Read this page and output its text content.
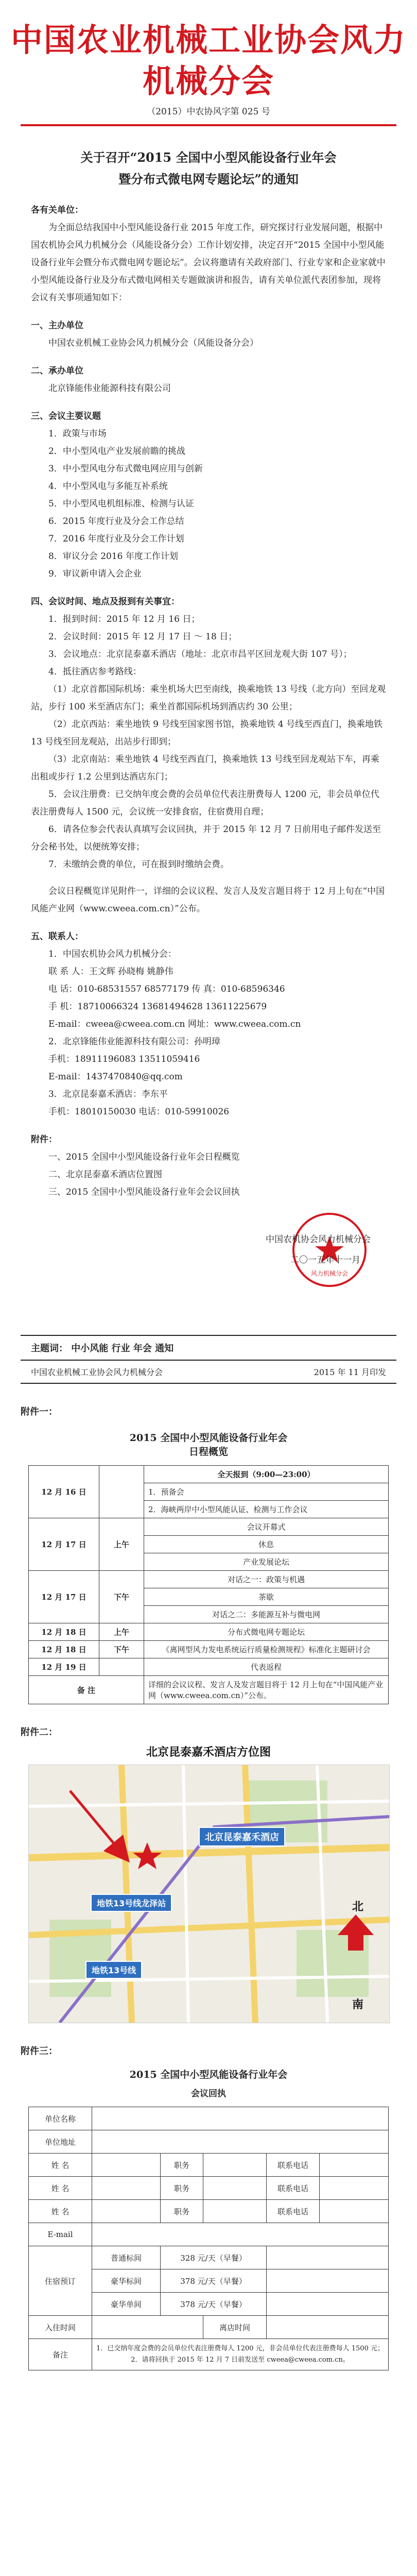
中国农业机械工业协会风力机械分会
（2015）中农协风字第 025 号
关于召开“2015 全国中小型风能设备行业年会
暨分布式微电网专题论坛”的通知

各有关单位：

为全面总结我国中小型风能设备行业 2015 年度工作，研究探讨行业发展问题，根据中国农机协会风力机械分会（风能设备分会）工作计划安排，决定召开“2015 全国中小型风能设备行业年会暨分布式微电网专题论坛”。会议将邀请有关政府部门、行业专家和企业家就中小型风能设备行业及分布式微电网相关专题做演讲和报告，请有关单位派代表团参加，现将会议有关事项通知如下：

一、主办单位

中国农业机械工业协会风力机械分会（风能设备分会）

二、承办单位

北京锋能伟业能源科技有限公司

三、会议主要议题

1．政策与市场

2．中小型风电产业发展前瞻的挑战

3．中小型风电分布式微电网应用与创新

4．中小型风电与多能互补系统

5．中小型风电机组标准、检测与认证

6．2015 年度行业及分会工作总结

7．2016 年度行业及分会工作计划

8．审议分会 2016 年度工作计划

9．审议新申请入会企业

四、会议时间、地点及报到有关事宜：

1．报到时间：2015 年 12 月 16 日；

2．会议时间：2015 年 12 月 17 日 ～ 18 日；

3．会议地点：北京昆泰嘉禾酒店（地址：北京市昌平区回龙观大街 107 号）；

4．抵往酒店参考路线：

（1）北京首都国际机场：乘坐机场大巴至南线，换乘地铁 13 号线（北方向）至回龙观站，步行 100 米至酒店东门；乘坐首都国际机场到酒店约 30 公里；

（2）北京西站：乘坐地铁 9 号线至国家图书馆，换乘地铁 4 号线至西直门，换乘地铁 13 号线至回龙观站，出站步行即到；

（3）北京南站：乘坐地铁 4 号线至西直门，换乘地铁 13 号线至回龙观站下车，再乘出租或步行 1.2 公里到达酒店东门；

5．会议注册费：已交纳年度会费的会员单位代表注册费每人 1200 元，非会员单位代表注册费每人 1500 元，会议统一安排食宿，住宿费用自理；

6．请各位参会代表认真填写会议回执，并于 2015 年 12 月 7 日前用电子邮件发送至分会秘书处，以便统筹安排；

7．未缴纳会费的单位，可在报到时缴纳会费。

会议日程概览详见附件一，详细的会议议程、发言人及发言题目将于 12 月上旬在“中国风能产业网（www.cweea.com.cn）”公布。

五、联系人：

1．中国农机协会风力机械分会：

联 系 人：王文辉 孙晓梅 姚静伟

电 话：010-68531557 68577179 传 真：010-68596346

手 机：18710066324 13681494628 13611225679

E-mail：cweea@cweea.com.cn 网址：www.cweea.com.cn

2．北京锋能伟业能源科技有限公司：孙明璋

手机：18911196083 13511059416

E-mail：1437470840@qq.com

3．北京昆泰嘉禾酒店：李东平

手机：18010150030 电话：010-59910026

附件：

一、2015 全国中小型风能设备行业年会日程概览

二、北京昆泰嘉禾酒店位置图

三、2015 全国中小型风能设备行业年会会议回执

风力机械分会
中国农机协会风力机械分会
二〇一五年十一月
主题词： 中小风能 行业 年会 通知
中国农业机械工业协会风力机械分会	2015 年 11 月印发
附件一：
2015 全国中小型风能设备行业年会
日程概览		

12 月 16 日		全天报到（9:00—23:00）
		1．预备会
		2．海峡两岸中小型风能认证、检测与工作会议
12 月 17 日	上午	会议开幕式
		休息
		产业发展论坛
12 月 17 日	下午	对话之一：政策与机遇
		茶歇
		对话之二：多能源互补与微电网
12 月 18 日	上午	分布式微电网专题论坛
12 月 18 日	下午	《离网型风力发电系统运行质量检测规程》标准化主题研讨会
12 月 19 日		代表返程
备 注		详细的会议议程、发言人及发言题目将于 12 月上旬在“中国风能产业网（www.cweea.com.cn）”公布。
附件二：
北京昆泰嘉禾酒店方位图
北京昆泰嘉禾酒店
地铁13号线龙泽站
地铁13号线
北
南
附件三：
2015 全国中小型风能设备行业年会					
会议回执					
单位名称					
单位地址					
姓 名		职务		联系电话	
姓 名		职务		联系电话	
姓 名		职务		联系电话	
E-mail					
住宿预订	普通标间	328 元/天（早餐）			
	豪华标间	378 元/天（早餐）			
	豪华单间	378 元/天（早餐）			
入住时间			离店时间		
备注	1．已交纳年度会费的会员单位代表注册费每人 1200 元，非会员单位代表注册费每人 1500 元；2．请将回执于 2015 年 12 月 7 日前发送至 cweea@cweea.com.cn。				
